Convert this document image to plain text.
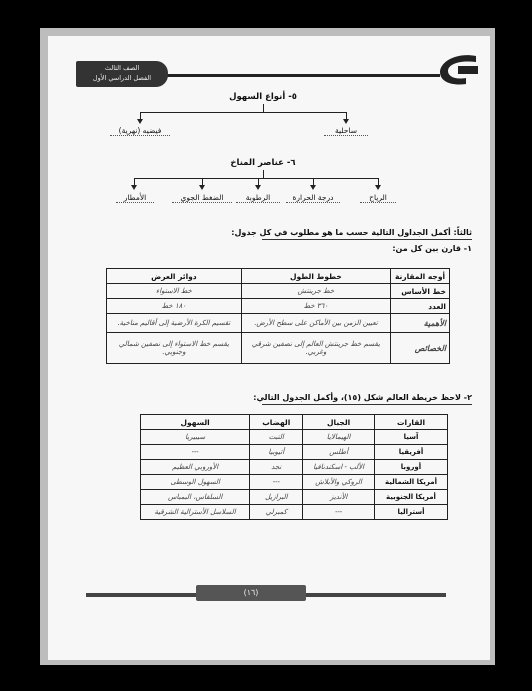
الصف الثالث
الفصل الدراسي الأول
٥- أنواع السهول
فيضيه (نهرية)	ساحلية
٦- عناصر المناخ
الرياح
درجة الحرارة
الرطوبة
الضغط الجوي
الأمطار
ثالثاً: أكمل الجداول التالية حسب ما هو مطلوب في كل جدول:
١- قارن بين كل من:
أوجه المقارنة	خطوط الطول	دوائر العرض
خط الأساس	خط جرينتش	خط الاستواء
العدد	٣٦٠ خط	١٨٠ خط
الأهمية	تعيين الزمن بين الأماكن على سطح الأرض.	تقسيم الكرة الأرضية إلى أقاليم مناخية.
الخصائص	يقسم خط جرينتش العالم إلى نصفين شرقي وغربي.	يقسم خط الاستواء إلى نصفين شمالي وجنوبي.
٢- لاحظ خريطة العالم شكل (١٥)، وأكمل الجدول التالي:
القارات	الجبال	الهضاب	السهول
آسيا	الهيمالايا	التبت	سيبيريا
أفريقيا	أطلس	أثيوبيا	---
أوروبا	الألب - اسكندنافيا	نجد	الأوروبي العظيم
أمريكا الشمالية	الروكي والأبلاش	---	السهول الوسطى
أمريكا الجنوبية	الأنديز	البرازيل	السلفاس، البمباس
أستراليا	---	كمبرلي	السلاسل الأسترالية الشرقية
(١٦)
